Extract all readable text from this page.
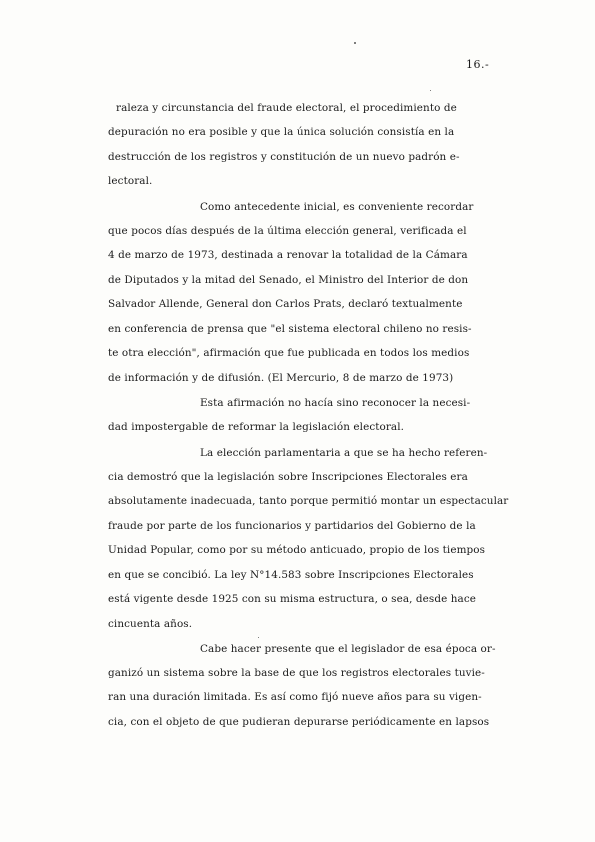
16.-
raleza y circunstancia del fraude electoral, el procedimiento de
depuración no era posible y que la única solución consistía en la
destrucción de los registros y constitución de un nuevo padrón e-
lectoral.
Como antecedente inicial, es conveniente recordar
que pocos días después de la última elección general, verificada el
4 de marzo de 1973, destinada a renovar la totalidad de la Cámara
de Diputados y la mitad del Senado, el Ministro del Interior de don
Salvador Allende, General don Carlos Prats, declaró textualmente
en conferencia de prensa que "el sistema electoral chileno no resis-
te otra elección", afirmación que fue publicada en todos los medios
de información y de difusión. (El Mercurio, 8 de marzo de 1973)
Esta afirmación no hacía sino reconocer la necesi-
dad impostergable de reformar la legislación electoral.
La elección parlamentaria a que se ha hecho referen-
cia demostró que la legislación sobre Inscripciones Electorales era
absolutamente inadecuada, tanto porque permitió montar un espectacular
fraude por parte de los funcionarios y partidarios del Gobierno de la
Unidad Popular, como por su método anticuado, propio de los tiempos
en que se concibió. La ley N°14.583 sobre Inscripciones Electorales
está vigente desde 1925 con su misma estructura, o sea, desde hace
cincuenta años.
Cabe hacer presente que el legislador de esa época or-
ganizó un sistema sobre la base de que los registros electorales tuvie-
ran una duración limitada. Es así como fijó nueve años para su vigen-
cia, con el objeto de que pudieran depurarse periódicamente en lapsos
